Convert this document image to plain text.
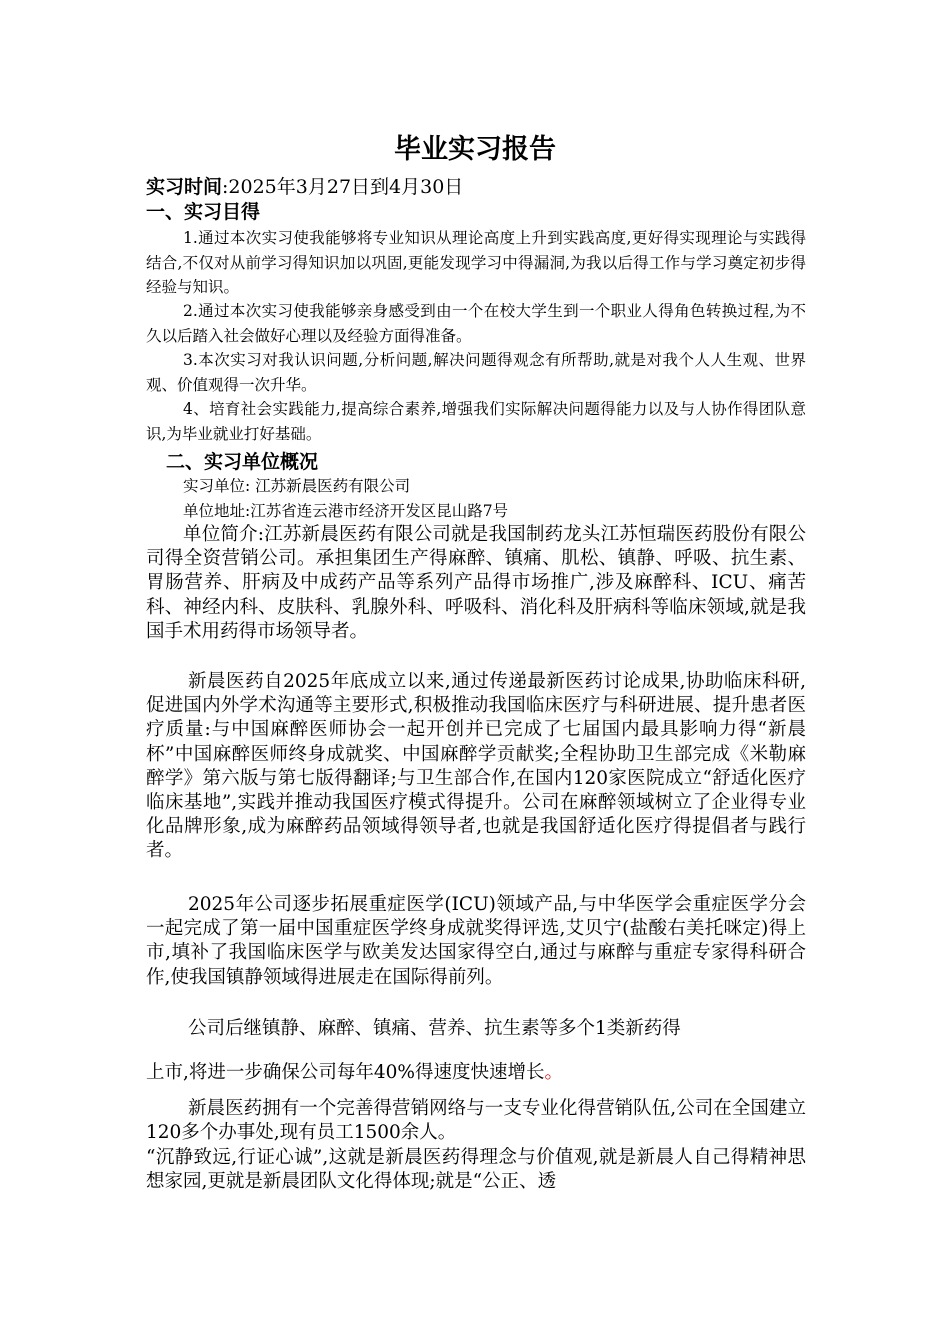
毕业实习报告
实习时间:2025年3月27日到4月30日
一、实习目得

1.通过本次实习使我能够将专业知识从理论高度上升到实践高度,更好得实现理论与实践得结合,不仅对从前学习得知识加以巩固,更能发现学习中得漏洞,为我以后得工作与学习奠定初步得经验与知识。

2.通过本次实习使我能够亲身感受到由一个在校大学生到一个职业人得角色转换过程,为不久以后踏入社会做好心理以及经验方面得准备。

3.本次实习对我认识问题,分析问题,解决问题得观念有所帮助,就是对我个人人生观、世界观、价值观得一次升华。

4、培育社会实践能力,提高综合素养,增强我们实际解决问题得能力以及与人协作得团队意识,为毕业就业打好基础。

二、实习单位概况

实习单位: 江苏新晨医药有限公司

单位地址:江苏省连云港市经济开发区昆山路7号

单位简介:江苏新晨医药有限公司就是我国制药龙头江苏恒瑞医药股份有限公司得全资营销公司。承担集团生产得麻醉、镇痛、肌松、镇静、呼吸、抗生素、胃肠营养、肝病及中成药产品等系列产品得市场推广,涉及麻醉科、ICU、痛苦科、神经内科、皮肤科、乳腺外科、呼吸科、消化科及肝病科等临床领域,就是我国手术用药得市场领导者。

新晨医药自2025年底成立以来,通过传递最新医药讨论成果,协助临床科研,促进国内外学术沟通等主要形式,积极推动我国临床医疗与科研进展、提升患者医疗质量:与中国麻醉医师协会一起开创并已完成了七届国内最具影响力得“新晨杯”中国麻醉医师终身成就奖、中国麻醉学贡献奖;全程协助卫生部完成《米勒麻醉学》第六版与第七版得翻译;与卫生部合作,在国内120家医院成立“舒适化医疗临床基地”,实践并推动我国医疗模式得提升。公司在麻醉领域树立了企业得专业化品牌形象,成为麻醉药品领域得领导者,也就是我国舒适化医疗得提倡者与践行者。

2025年公司逐步拓展重症医学(ICU)领域产品,与中华医学会重症医学分会一起完成了第一届中国重症医学终身成就奖得评选,艾贝宁(盐酸右美托咪定)得上市,填补了我国临床医学与欧美发达国家得空白,通过与麻醉与重症专家得科研合作,使我国镇静领域得进展走在国际得前列。

公司后继镇静、麻醉、镇痛、营养、抗生素等多个1类新药得

上市,将进一步确保公司每年40%得速度快速增长。

新晨医药拥有一个完善得营销网络与一支专业化得营销队伍,公司在全国建立120多个办事处,现有员工1500余人。

“沉静致远,行证心诚”,这就是新晨医药得理念与价值观,就是新晨人自己得精神思想家园,更就是新晨团队文化得体现;就是“公正、透
